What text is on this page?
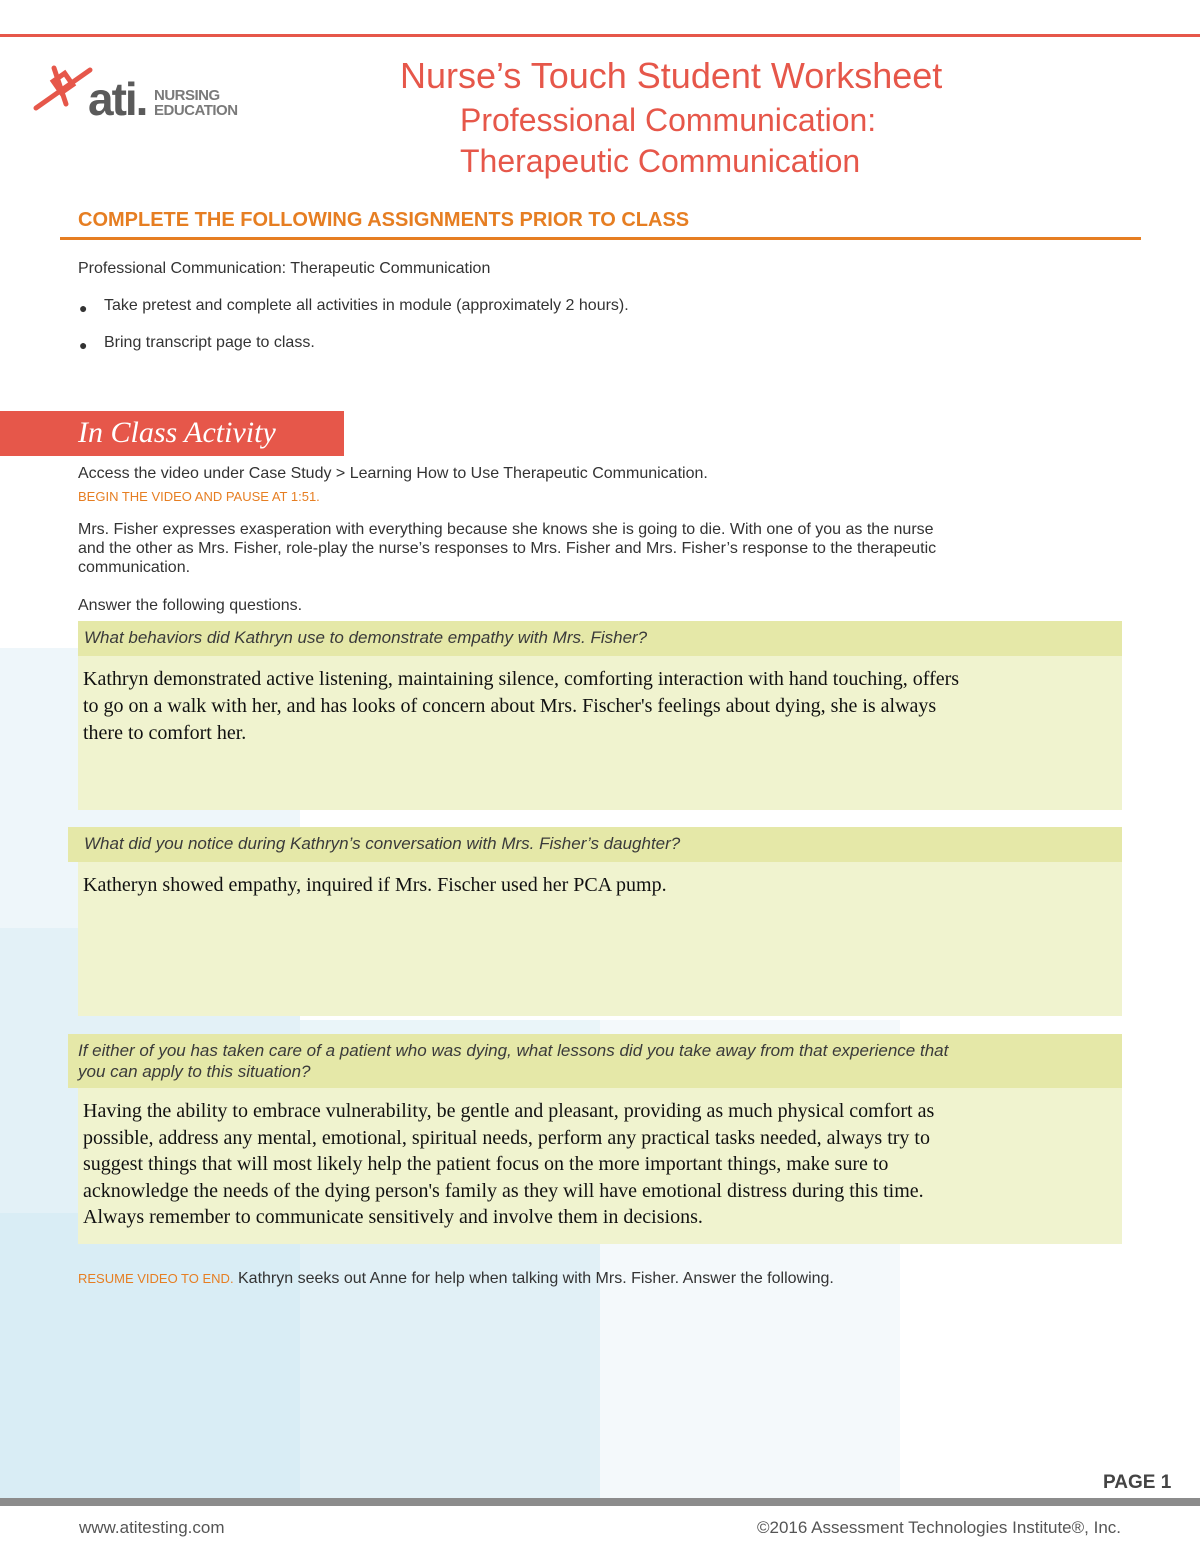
ati. NURSING
EDUCATION
Nurse’s Touch Student Worksheet
Professional Communication:
Therapeutic Communication
COMPLETE THE FOLLOWING ASSIGNMENTS PRIOR TO CLASS
Professional Communication: Therapeutic Communication
● Take pretest and complete all activities in module (approximately 2 hours).
● Bring transcript page to class.
In Class Activity
Access the video under Case Study > Learning How to Use Therapeutic Communication.
BEGIN THE VIDEO AND PAUSE AT 1:51.
Mrs. Fisher expresses exasperation with everything because she knows she is going to die. With one of you as the nurse
and the other as Mrs. Fisher, role-play the nurse’s responses to Mrs. Fisher and Mrs. Fisher’s response to the therapeutic
communication.
Answer the following questions.
What behaviors did Kathryn use to demonstrate empathy with Mrs. Fisher?
Kathryn demonstrated active listening, maintaining silence, comforting interaction with hand touching, offers
to go on a walk with her, and has looks of concern about Mrs. Fischer's feelings about dying, she is always
there to comfort her.
What did you notice during Kathryn’s conversation with Mrs. Fisher’s daughter?
Katheryn showed empathy, inquired if Mrs. Fischer used her PCA pump.
If either of you has taken care of a patient who was dying, what lessons did you take away from that experience that
you can apply to this situation?
Having the ability to embrace vulnerability, be gentle and pleasant, providing as much physical comfort as
possible, address any mental, emotional, spiritual needs, perform any practical tasks needed, always try to
suggest things that will most likely help the patient focus on the more important things, make sure to
acknowledge the needs of the dying person's family as they will have emotional distress during this time.
Always remember to communicate sensitively and involve them in decisions.
RESUME VIDEO TO END. Kathryn seeks out Anne for help when talking with Mrs. Fisher. Answer the following.
PAGE 1
www.atitesting.com	©2016 Assessment Technologies Institute®, Inc.
